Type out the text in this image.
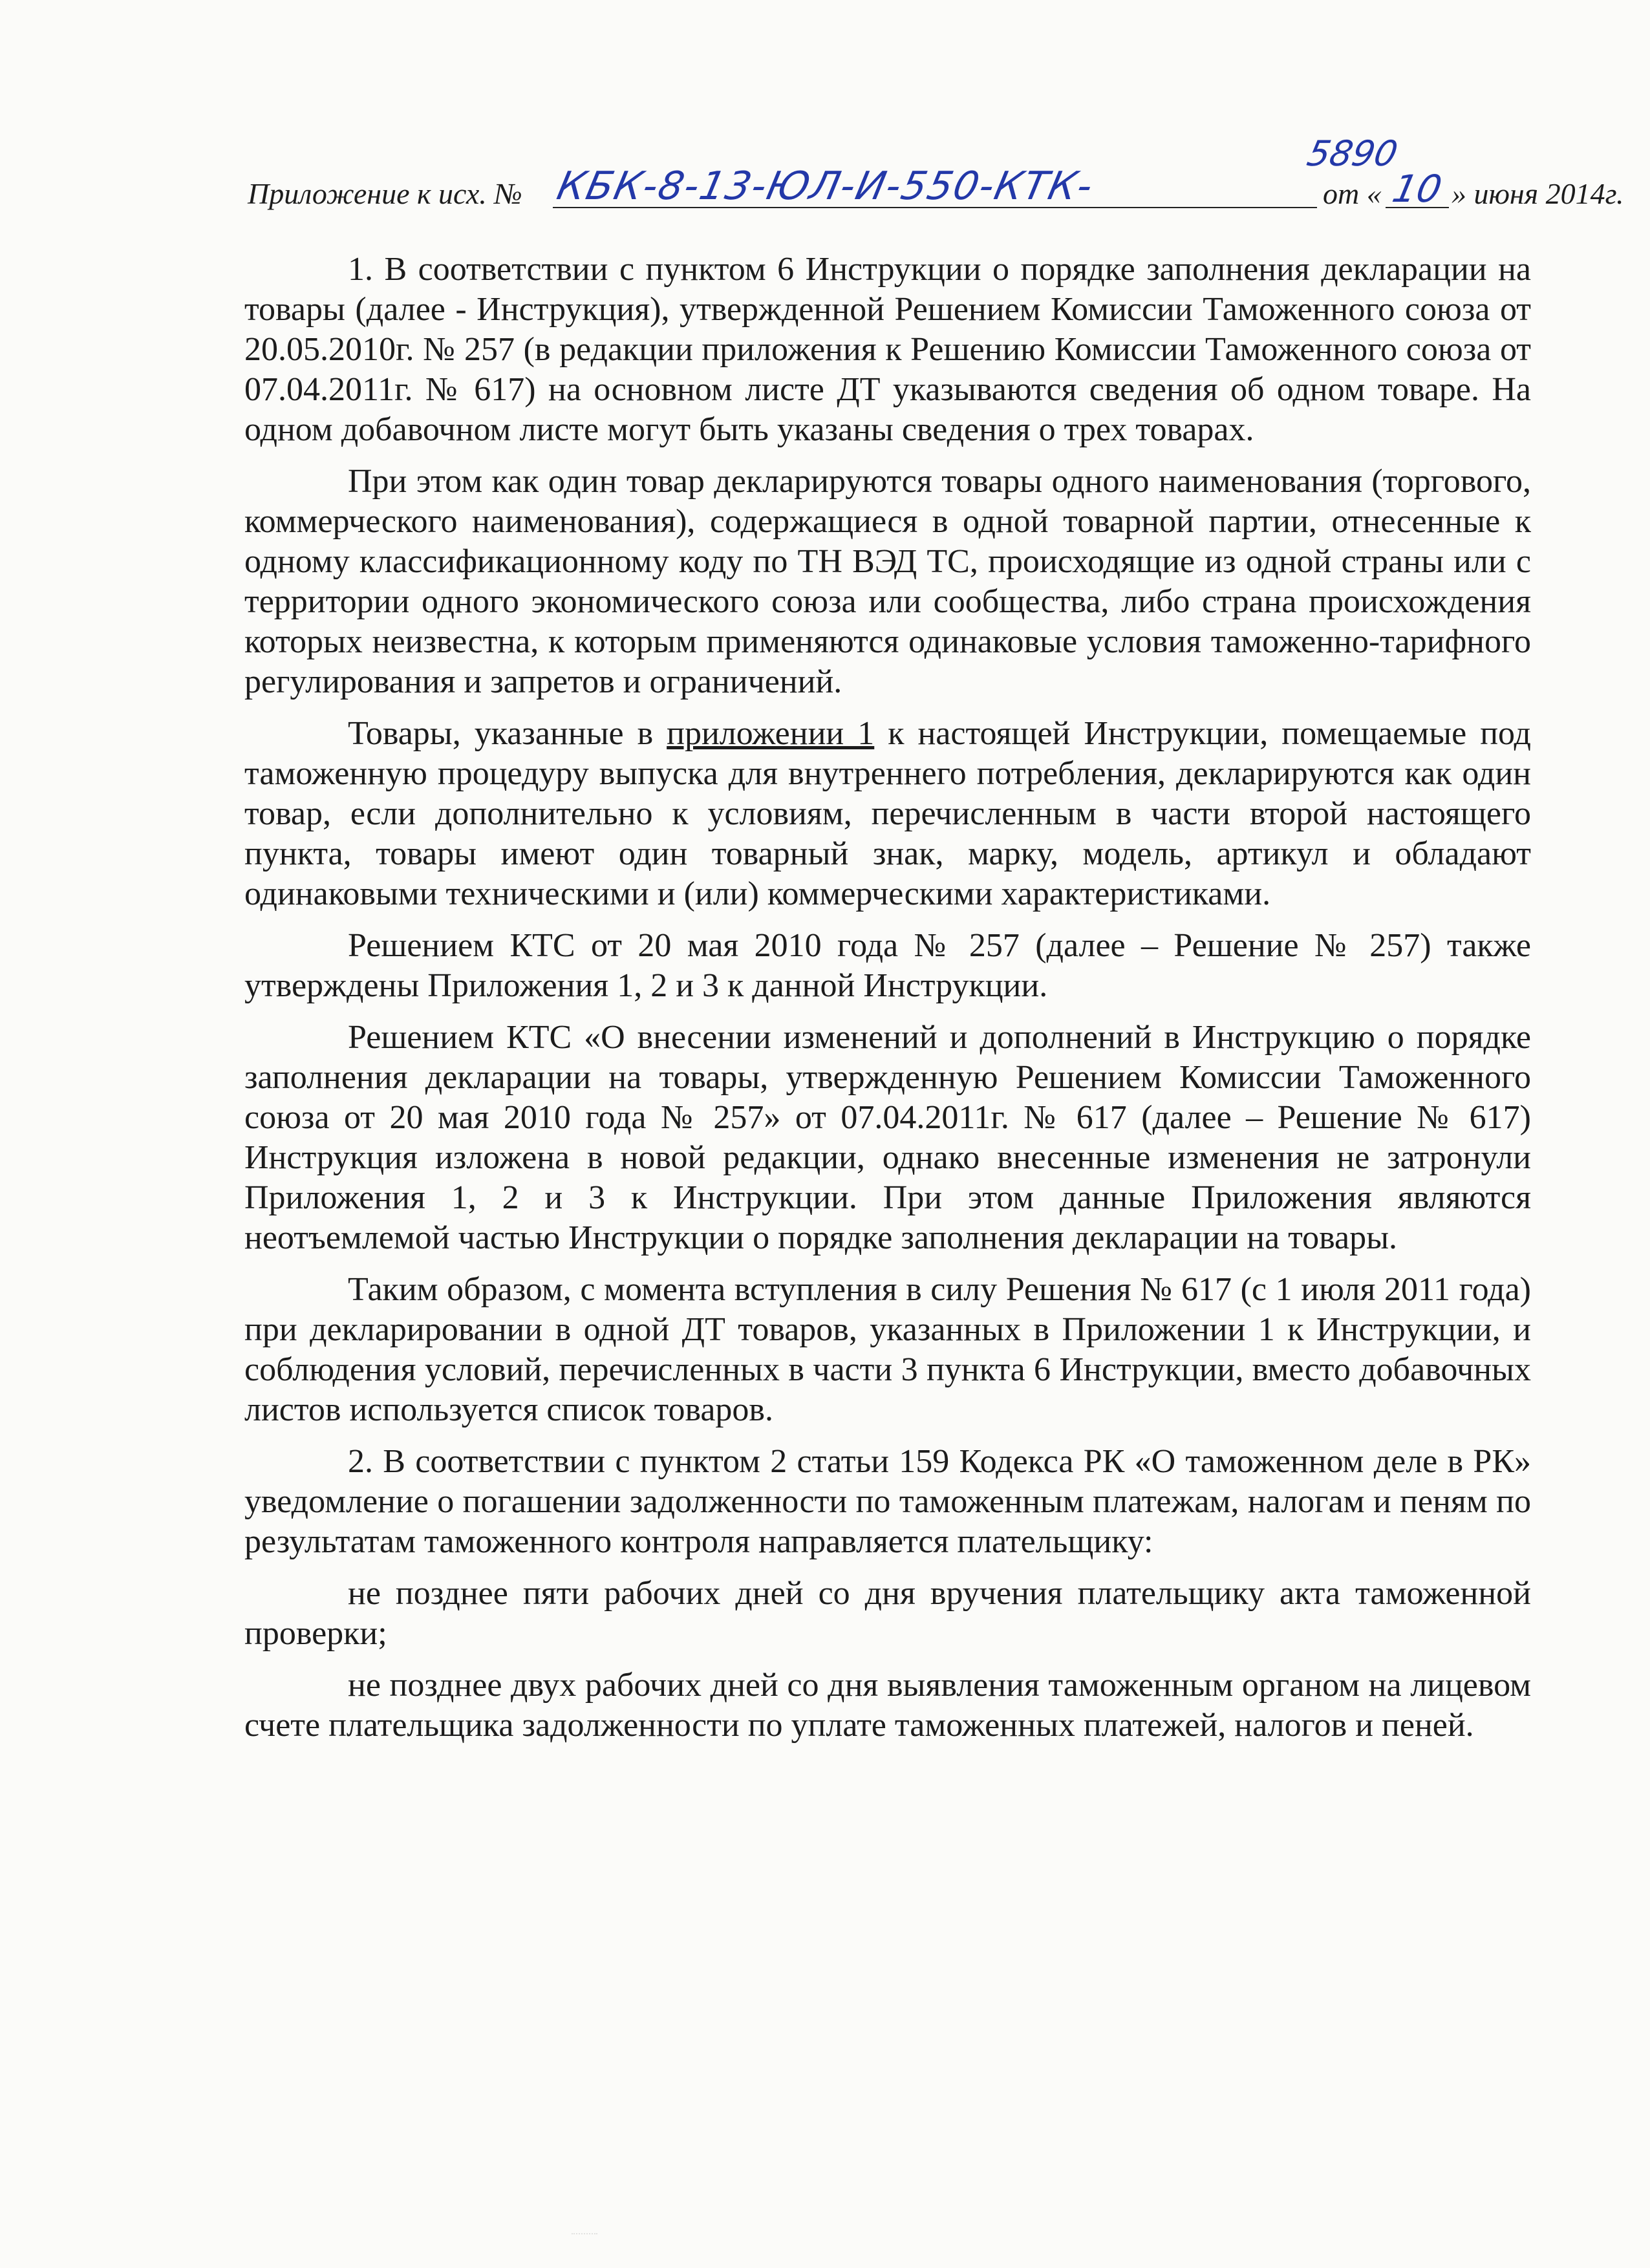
Приложение к исх. № КБК-8-13-ЮЛ-И-550-КТК-
5890
от « 10 » июня 2014г.

1. В соответствии с пунктом 6 Инструкции о порядке заполнения декларации на товары (далее - Инструкция), утвержденной Решением Комиссии Таможенного союза от 20.05.2010г. № 257 (в редакции приложения к Решению Комиссии Таможенного союза от 07.04.2011г. № 617) на основном листе ДТ указываются сведения об одном товаре. На одном добавочном листе могут быть указаны сведения о трех товарах.

При этом как один товар декларируются товары одного наименования (торгового, коммерческого наименования), содержащиеся в одной товарной партии, отнесенные к одному классификационному коду по ТН ВЭД ТС, происходящие из одной страны или с территории одного экономического союза или сообщества, либо страна происхождения которых неизвестна, к которым применяются одинаковые условия таможенно-тарифного регулирования и запретов и ограничений.

Товары, указанные в приложении 1 к настоящей Инструкции, помещаемые под таможенную процедуру выпуска для внутреннего потребления, декларируются как один товар, если дополнительно к условиям, перечисленным в части второй настоящего пункта, товары имеют один товарный знак, марку, модель, артикул и обладают одинаковыми техническими и (или) коммерческими характеристиками.

Решением КТС от 20 мая 2010 года № 257 (далее – Решение № 257) также утверждены Приложения 1, 2 и 3 к данной Инструкции.

Решением КТС «О внесении изменений и дополнений в Инструкцию о порядке заполнения декларации на товары, утвержденную Решением Комиссии Таможенного союза от 20 мая 2010 года № 257» от 07.04.2011г. № 617 (далее – Решение № 617) Инструкция изложена в новой редакции, однако внесенные изменения не затронули Приложения 1, 2 и 3 к Инструкции. При этом данные Приложения являются неотъемлемой частью Инструкции о порядке заполнения декларации на товары.

Таким образом, с момента вступления в силу Решения № 617 (с 1 июля 2011 года) при декларировании в одной ДТ товаров, указанных в Приложении 1 к Инструкции, и соблюдения условий, перечисленных в части 3 пункта 6 Инструкции, вместо добавочных листов используется список товаров.

2. В соответствии с пунктом 2 статьи 159 Кодекса РК «О таможенном деле в РК» уведомление о погашении задолженности по таможенным платежам, налогам и пеням по результатам таможенного контроля направляется плательщику:

не позднее пяти рабочих дней со дня вручения плательщику акта таможенной проверки;

не позднее двух рабочих дней со дня выявления таможенным органом на лицевом счете плательщика задолженности по уплате таможенных платежей, налогов и пеней.
